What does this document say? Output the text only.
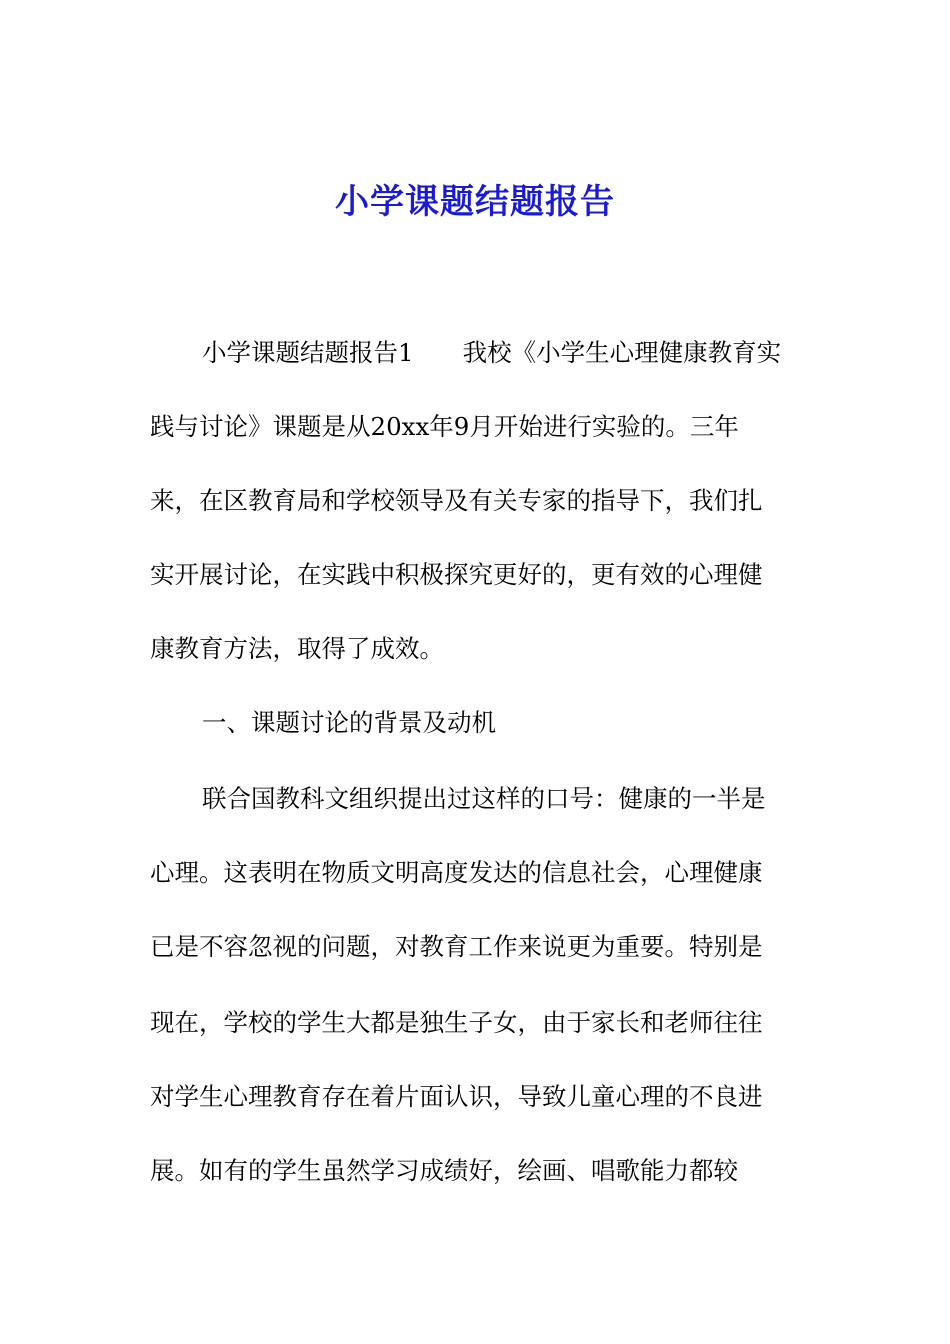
小学课题结题报告
小学课题结题报告1　　我校《小学生心理健康教育实
践与讨论》课题是从20xx年9月开始进行实验的。三年
来，在区教育局和学校领导及有关专家的指导下，我们扎
实开展讨论，在实践中积极探究更好的，更有效的心理健
康教育方法，取得了成效。
一、课题讨论的背景及动机
联合国教科文组织提出过这样的口号：健康的一半是
心理。这表明在物质文明高度发达的信息社会，心理健康
已是不容忽视的问题，对教育工作来说更为重要。特别是
现在，学校的学生大都是独生子女，由于家长和老师往往
对学生心理教育存在着片面认识，导致儿童心理的不良进
展。如有的学生虽然学习成绩好，绘画、唱歌能力都较
